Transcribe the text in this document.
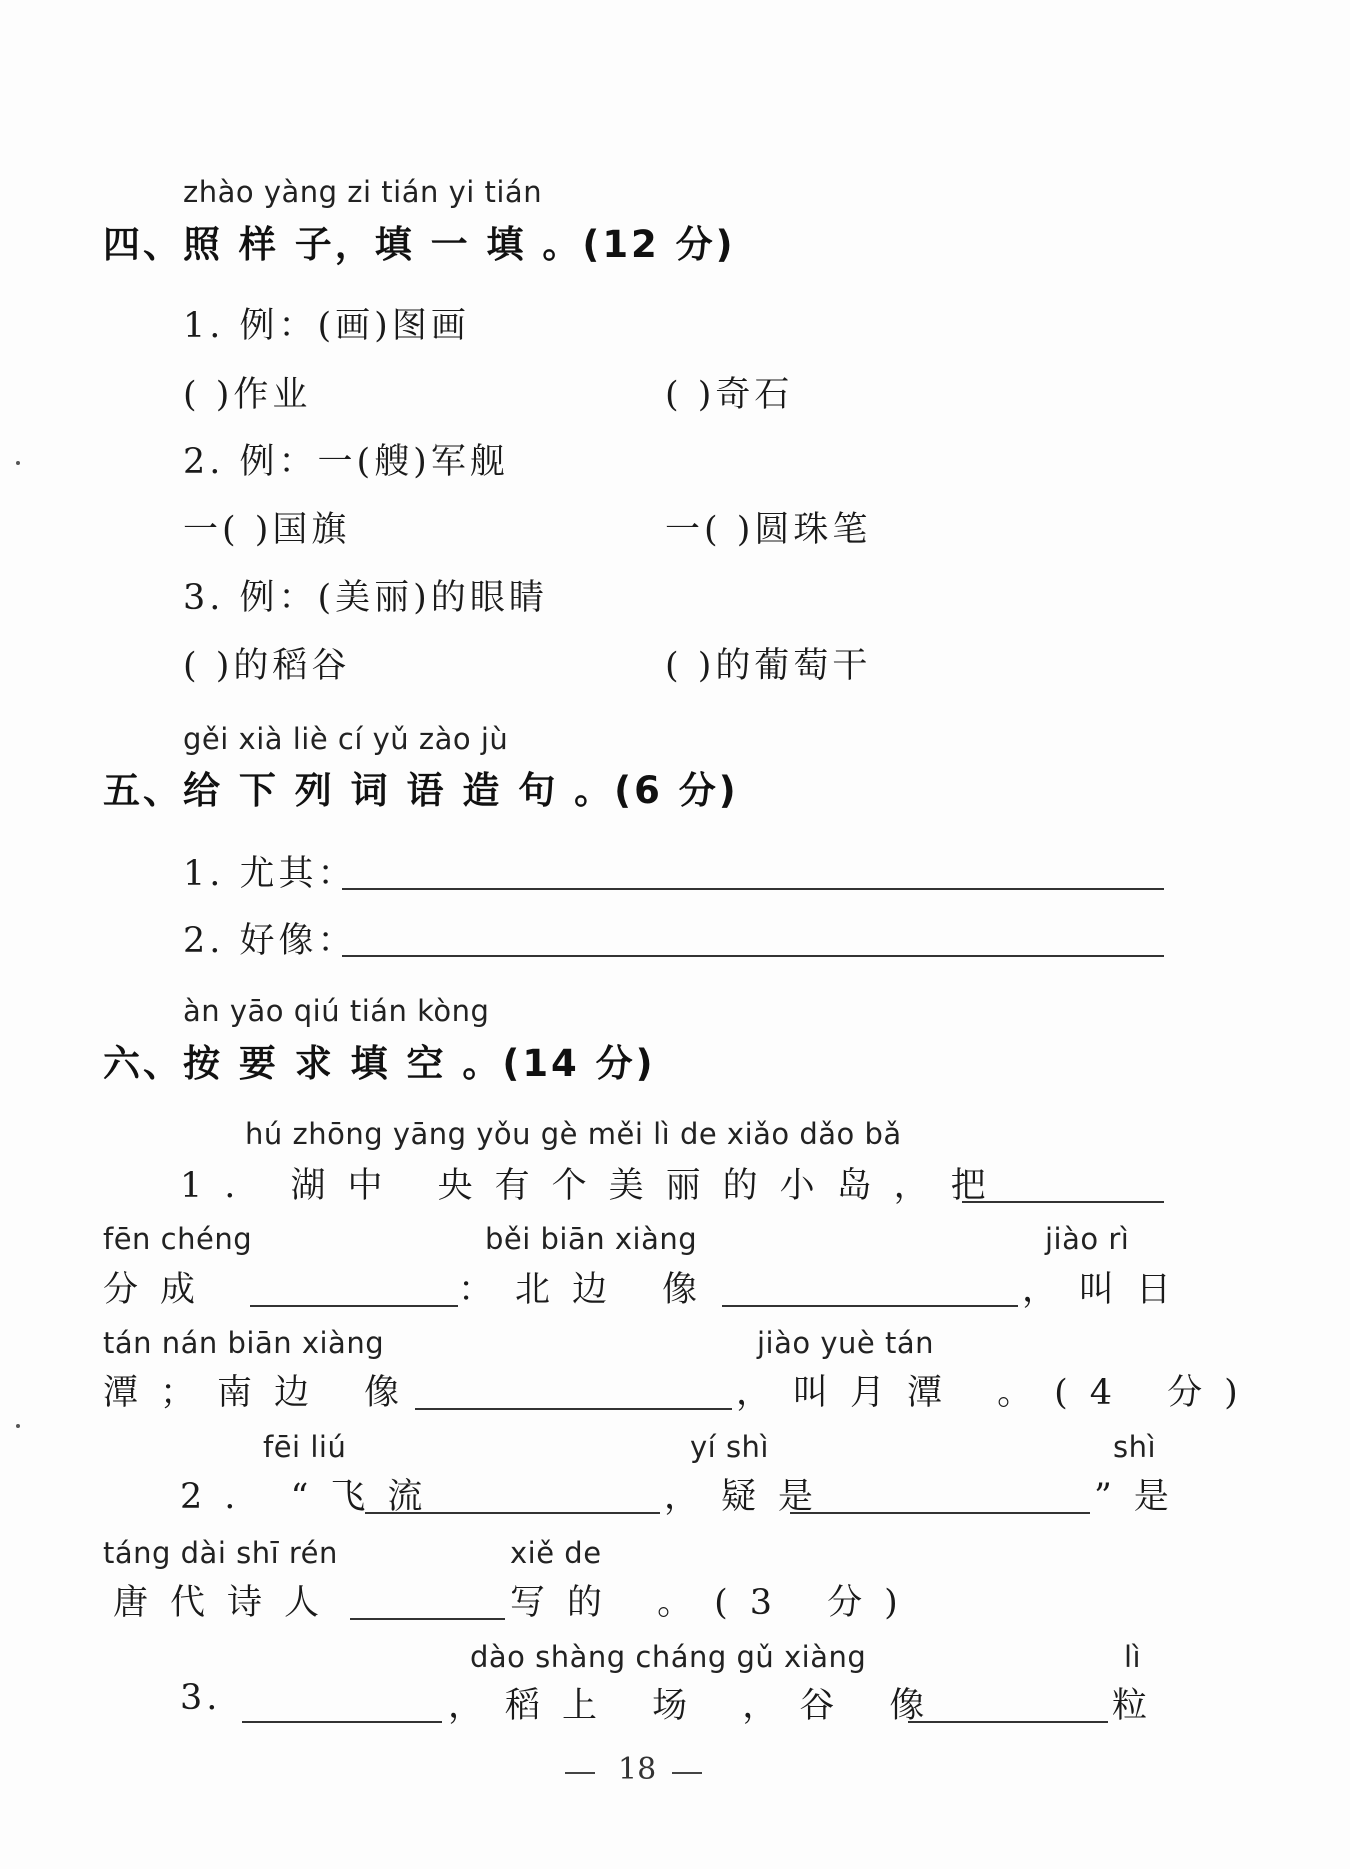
zhào yàng zi tián yi tián
四、照 样 子，填 一 填 。(12 分)
1. 例：(画)图画
( )作业	( )奇石
2. 例：一(艘)军舰
一( )国旗	一( )圆珠笔
3. 例：(美丽)的眼睛
( )的稻谷	( )的葡萄干
gěi xià liè cí yǔ zào jù
五、给 下 列 词 语 造 句 。(6 分)
1. 尤其：
2. 好像：
àn yāo qiú tián kòng
六、按 要 求 填 空 。(14 分)
hú zhōng yāng yǒu gè měi lì de xiǎo dǎo bǎ
1. 湖中 央有个美丽的小岛，把
fēn chéng	běi biān xiàng	jiào rì
分成	：北边 像	，叫日
tán nán biān xiàng	jiào yuè tán
潭；南边 像	，叫月潭 。(4 分)
fēi liú	yí shì	shì
2. “飞流	，疑是	”是
táng dài shī rén	xiě de
唐代诗人	写的 。(3 分)
dào shàng cháng gǔ xiàng	lì
3.	，稻上 场 ，谷 像	粒
18
